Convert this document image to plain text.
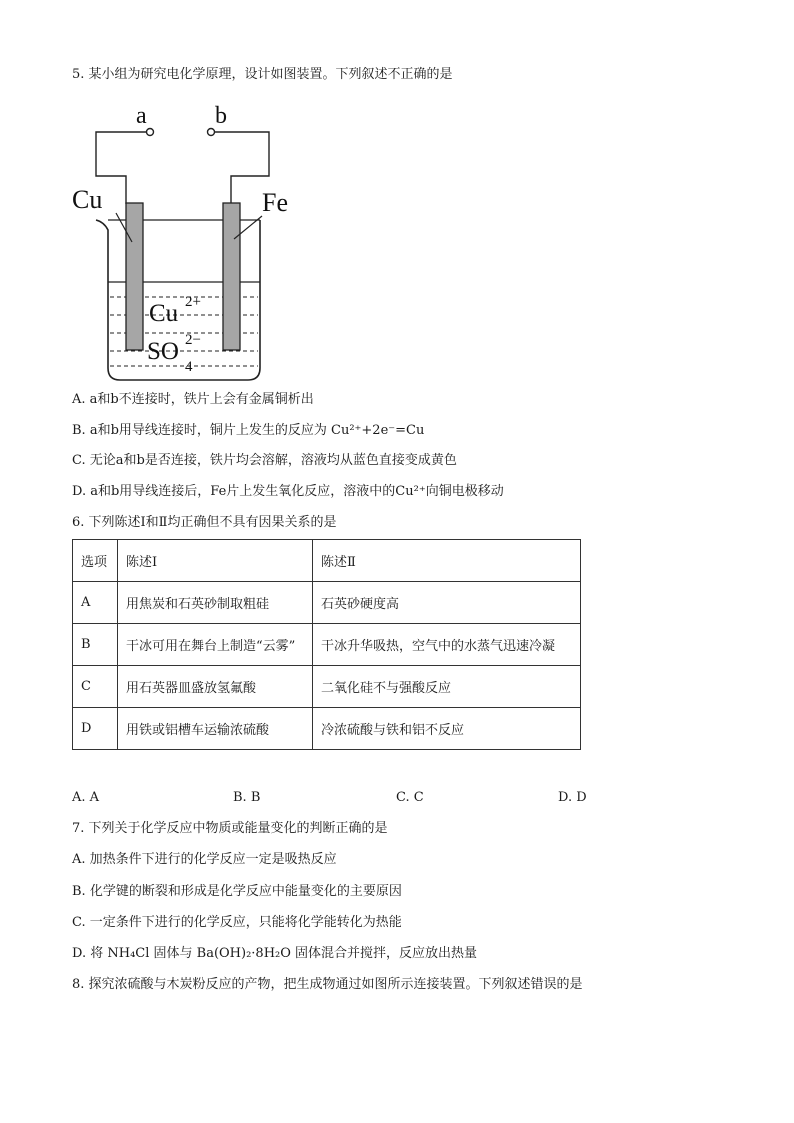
5. 某小组为研究电化学原理，设计如图装置。下列叙述不正确的是
a	b
Cu	Fe
Cu 2+
SO
4
2−
A. a和b不连接时，铁片上会有金属铜析出
B. a和b用导线连接时，铜片上发生的反应为 Cu²⁺+2e⁻=Cu
C. 无论a和b是否连接，铁片均会溶解，溶液均从蓝色直接变成黄色
D. a和b用导线连接后，Fe片上发生氧化反应，溶液中的Cu²⁺向铜电极移动
6. 下列陈述Ⅰ和Ⅱ均正确但不具有因果关系的是
选项	陈述Ⅰ	陈述Ⅱ
A	用焦炭和石英砂制取粗硅	石英砂硬度高
B	干冰可用在舞台上制造“云雾”	干冰升华吸热，空气中的水蒸气迅速冷凝
C	用石英器皿盛放氢氟酸	二氧化硅不与强酸反应
D	用铁或铝槽车运输浓硫酸	冷浓硫酸与铁和铝不反应
A. A	B. B	C. C	D. D
7. 下列关于化学反应中物质或能量变化的判断正确的是
A. 加热条件下进行的化学反应一定是吸热反应
B. 化学键的断裂和形成是化学反应中能量变化的主要原因
C. 一定条件下进行的化学反应，只能将化学能转化为热能
D. 将 NH₄Cl 固体与 Ba(OH)₂·8H₂O 固体混合并搅拌，反应放出热量
8. 探究浓硫酸与木炭粉反应的产物，把生成物通过如图所示连接装置。下列叙述错误的是
